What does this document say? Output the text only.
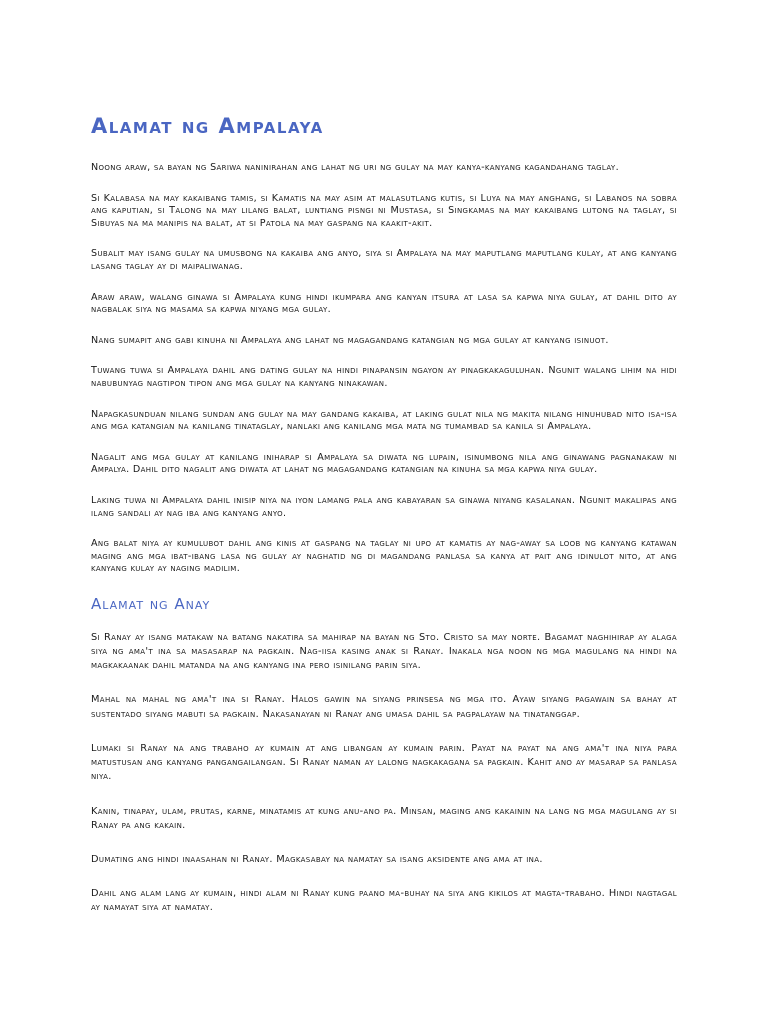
Alamat ng Ampalaya

Noong araw, sa bayan ng Sariwa naninirahan ang lahat ng uri ng gulay na may kanya-kanyang kagandahang taglay.

Si Kalabasa na may kakaibang tamis, si Kamatis na may asim at malasutlang kutis, si Luya na may anghang, si Labanos na sobra ang kaputian, si Talong na may lilang balat, luntiang pisngi ni Mustasa, si Singkamas na may kakaibang lutong na taglay, si Sibuyas na ma manipis na balat, at si Patola na may gaspang na kaakit-akit.

Subalit may isang gulay na umusbong na kakaiba ang anyo, siya si Ampalaya na may maputlang maputlang kulay, at ang kanyang lasang taglay ay di maipaliwanag.

Araw araw, walang ginawa si Ampalaya kung hindi ikumpara ang kanyan itsura at lasa sa kapwa niya gulay, at dahil dito ay nagbalak siya ng masama sa kapwa niyang mga gulay.

Nang sumapit ang gabi kinuha ni Ampalaya ang lahat ng magagandang katangian ng mga gulay at kanyang isinuot.

Tuwang tuwa si Ampalaya dahil ang dating gulay na hindi pinapansin ngayon ay pinagkakaguluhan. Ngunit walang lihim na hidi nabubunyag nagtipon tipon ang mga gulay na kanyang ninakawan.

Napagkasunduan nilang sundan ang gulay na may gandang kakaiba, at laking gulat nila ng makita nilang hinuhubad nito isa-isa ang mga katangian na kanilang tinataglay, nanlaki ang kanilang mga mata ng tumambad sa kanila si Ampalaya.

Nagalit ang mga gulay at kanilang iniharap si Ampalaya sa diwata ng lupain, isinumbong nila ang ginawang pagnanakaw ni Ampalya. Dahil dito nagalit ang diwata at lahat ng magagandang katangian na kinuha sa mga kapwa niya gulay.

Laking tuwa ni Ampalaya dahil inisip niya na iyon lamang pala ang kabayaran sa ginawa niyang kasalanan. Ngunit makalipas ang ilang sandali ay nag iba ang kanyang anyo.

Ang balat niya ay kumulubot dahil ang kinis at gaspang na taglay ni upo at kamatis ay nag-away sa loob ng kanyang katawan maging ang mga ibat-ibang lasa ng gulay ay naghatid ng di magandang panlasa sa kanya at pait ang idinulot nito, at ang kanyang kulay ay naging madilim.

Alamat ng Anay

Si Ranay ay isang matakaw na batang nakatira sa mahirap na bayan ng Sto. Cristo sa may norte. Bagamat naghihirap ay alaga siya ng ama't ina sa masasarap na pagkain. Nag-iisa kasing anak si Ranay. Inakala nga noon ng mga magulang na hindi na magkakaanak dahil matanda na ang kanyang ina pero isinilang parin siya.

Mahal na mahal ng ama't ina si Ranay. Halos gawin na siyang prinsesa ng mga ito. Ayaw siyang pagawain sa bahay at sustentado siyang mabuti sa pagkain. Nakasanayan ni Ranay ang umasa dahil sa pagpalayaw na tinatanggap.

Lumaki si Ranay na ang trabaho ay kumain at ang libangan ay kumain parin. Payat na payat na ang ama't ina niya para matustusan ang kanyang pangangailangan. Si Ranay naman ay lalong nagkakagana sa pagkain. Kahit ano ay masarap sa panlasa niya.

Kanin, tinapay, ulam, prutas, karne, minatamis at kung anu-ano pa. Minsan, maging ang kakainin na lang ng mga magulang ay si Ranay pa ang kakain.

Dumating ang hindi inaasahan ni Ranay. Magkasabay na namatay sa isang aksidente ang ama at ina.

Dahil ang alam lang ay kumain, hindi alam ni Ranay kung paano ma-buhay na siya ang kikilos at magta-trabaho. Hindi nagtagal ay namayat siya at namatay.
